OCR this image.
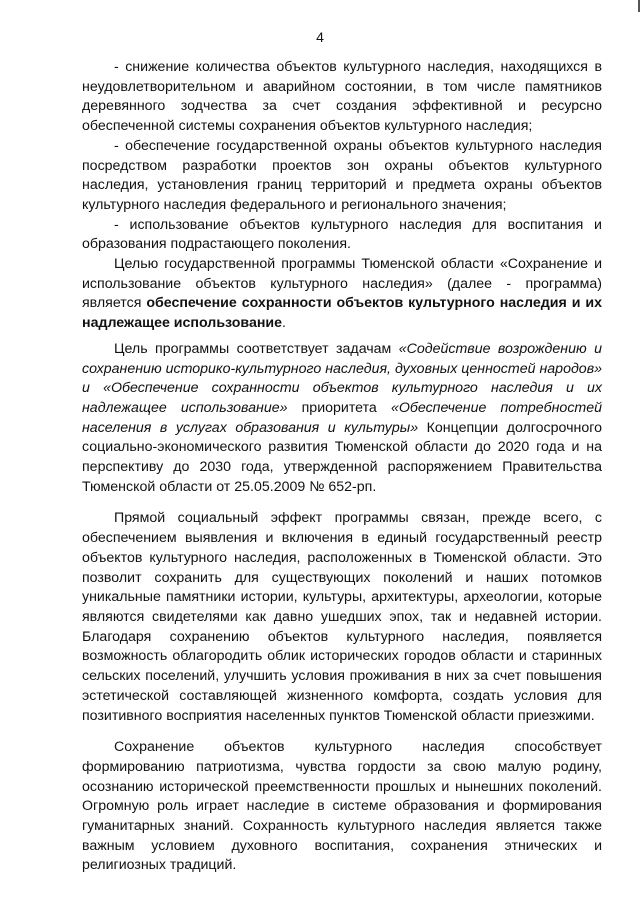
4

- снижение количества объектов культурного наследия, находящихся в неудовлетворительном и аварийном состоянии, в том числе памятников деревянного зодчества за счет создания эффективной и ресурсно обеспеченной системы сохранения объектов культурного наследия;

- обеспечение государственной охраны объектов культурного наследия посредством разработки проектов зон охраны объектов культурного наследия, установления границ территорий и предмета охраны объектов культурного наследия федерального и регионального значения;

- использование объектов культурного наследия для воспитания и образования подрастающего поколения.

Целью государственной программы Тюменской области «Сохранение и использование объектов культурного наследия» (далее - программа) является обеспечение сохранности объектов культурного наследия и их надлежащее использование.

Цель программы соответствует задачам «Содействие возрождению и сохранению историко-культурного наследия, духовных ценностей народов» и «Обеспечение сохранности объектов культурного наследия и их надлежащее использование» приоритета «Обеспечение потребностей населения в услугах образования и культуры» Концепции долгосрочного социально-экономического развития Тюменской области до 2020 года и на перспективу до 2030 года, утвержденной распоряжением Правительства Тюменской области от 25.05.2009 № 652-рп.

Прямой социальный эффект программы связан, прежде всего, с обеспечением выявления и включения в единый государственный реестр объектов культурного наследия, расположенных в Тюменской области. Это позволит сохранить для существующих поколений и наших потомков уникальные памятники истории, культуры, архитектуры, археологии, которые являются свидетелями как давно ушедших эпох, так и недавней истории. Благодаря сохранению объектов культурного наследия, появляется возможность облагородить облик исторических городов области и старинных сельских поселений, улучшить условия проживания в них за счет повышения эстетической составляющей жизненного комфорта, создать условия для позитивного восприятия населенных пунктов Тюменской области приезжими.

Сохранение объектов культурного наследия способствует формированию патриотизма, чувства гордости за свою малую родину, осознанию исторической преемственности прошлых и нынешних поколений. Огромную роль играет наследие в системе образования и формирования гуманитарных знаний. Сохранность культурного наследия является также важным условием духовного воспитания, сохранения этнических и религиозных традиций.
